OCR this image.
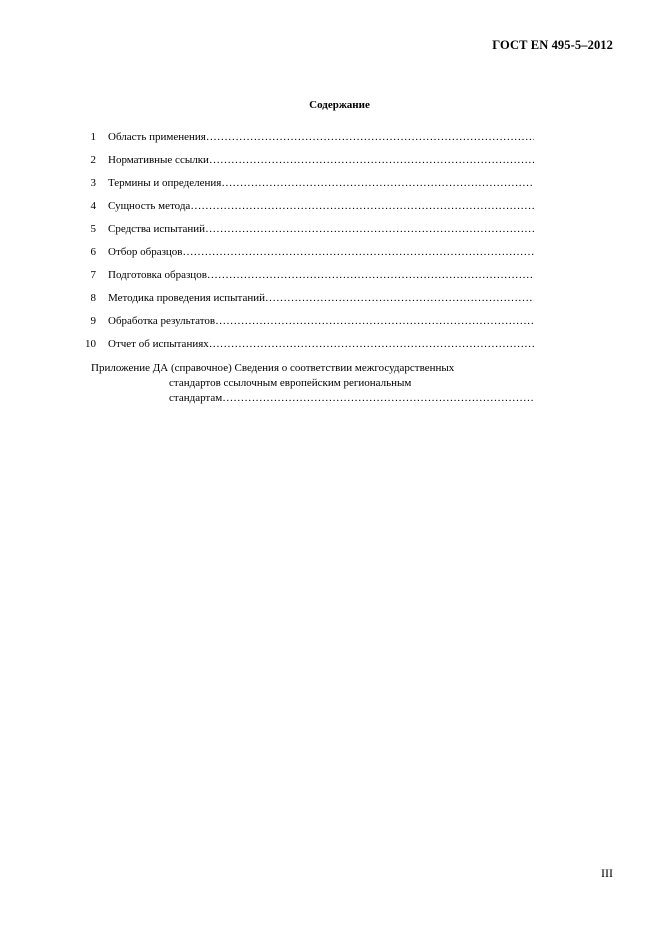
ГОСТ EN 495-5–2012
Содержание
1 Область применения
………………………………………………………………………………………………………………………………………………
2 Нормативные ссылки
………………………………………………………………………………………………………………………………………………
3 Термины и определения
………………………………………………………………………………………………………………………………………………
4 Сущность метода
………………………………………………………………………………………………………………………………………………
5 Средства испытаний
………………………………………………………………………………………………………………………………………………
6 Отбор образцов
………………………………………………………………………………………………………………………………………………
7 Подготовка образцов
………………………………………………………………………………………………………………………………………………
8 Методика проведения испытаний
………………………………………………………………………………………………………………………………………………
9 Обработка результатов
………………………………………………………………………………………………………………………………………………
10 Отчет об испытаниях
………………………………………………………………………………………………………………………………………………
Приложение ДА (справочное) Сведения о соответствии межгосударственных
стандартов ссылочным европейским региональным
стандартам
………………………………………………………………………………………………………………………………………………
III
